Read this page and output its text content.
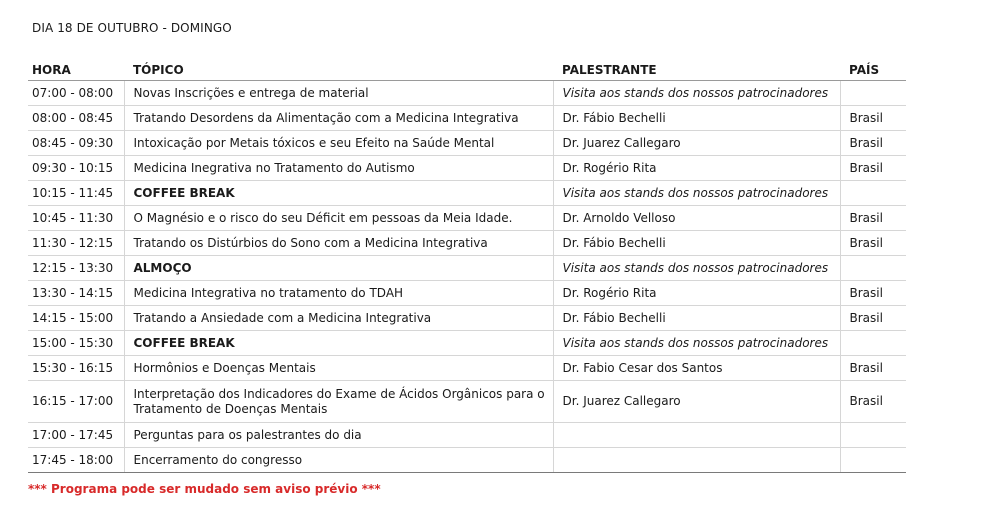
DIA 18 DE OUTUBRO - DOMINGO
HORA	TÓPICO	PALESTRANTE	PAÍS
07:00 - 08:00	Novas Inscrições e entrega de material	Visita aos stands dos nossos patrocinadores	
08:00 - 08:45	Tratando Desordens da Alimentação com a Medicina Integrativa	Dr. Fábio Bechelli	Brasil
08:45 - 09:30	Intoxicação por Metais tóxicos e seu Efeito na Saúde Mental	Dr. Juarez Callegaro	Brasil
09:30 - 10:15	Medicina Inegrativa no Tratamento do Autismo	Dr. Rogério Rita	Brasil
10:15 - 11:45	COFFEE BREAK	Visita aos stands dos nossos patrocinadores	
10:45 - 11:30	O Magnésio e o risco do seu Déficit em pessoas da Meia Idade.	Dr. Arnoldo Velloso	Brasil
11:30 - 12:15	Tratando os Distúrbios do Sono com a Medicina Integrativa	Dr. Fábio Bechelli	Brasil
12:15 - 13:30	ALMOÇO	Visita aos stands dos nossos patrocinadores	
13:30 - 14:15	Medicina Integrativa no tratamento do TDAH	Dr. Rogério Rita	Brasil
14:15 - 15:00	Tratando a Ansiedade com a Medicina Integrativa	Dr. Fábio Bechelli	Brasil
15:00 - 15:30	COFFEE BREAK	Visita aos stands dos nossos patrocinadores	
15:30 - 16:15	Hormônios e Doenças Mentais	Dr. Fabio Cesar dos Santos	Brasil
16:15 - 17:00	Interpretação dos Indicadores do Exame de Ácidos Orgânicos para o Tratamento de Doenças Mentais	Dr. Juarez Callegaro	Brasil
17:00 - 17:45	Perguntas para os palestrantes do dia		
17:45 - 18:00	Encerramento do congresso		
*** Programa pode ser mudado sem aviso prévio ***
